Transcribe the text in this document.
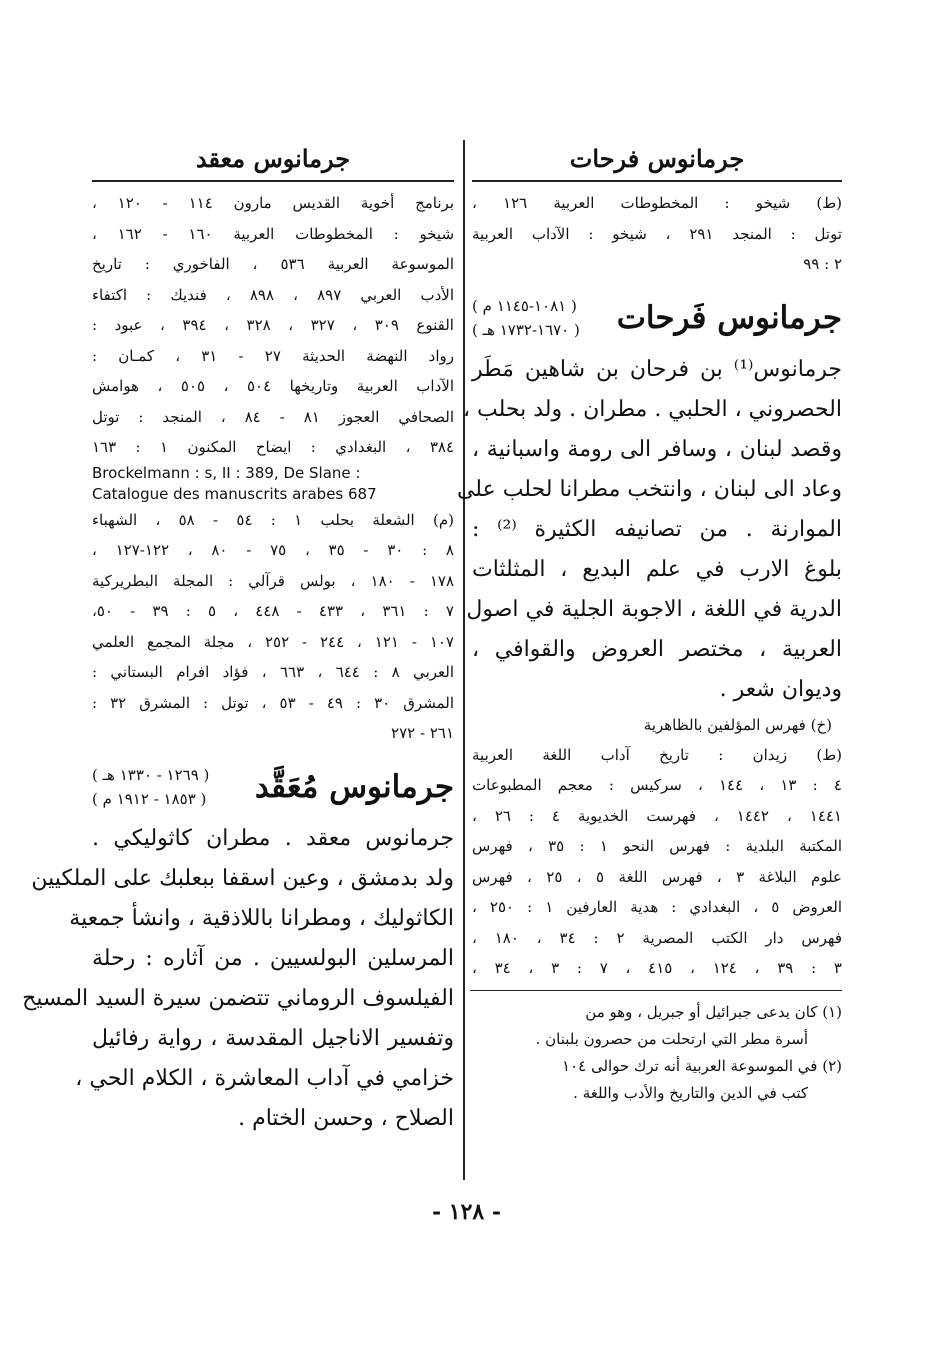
جرمانوس فرحات
(ط) شيخو : المخطوطات العربية ١٢٦ ،
توتل : المنجد ٢٩١ ، شيخو : الآداب العربية
٢ : ٩٩
جرمانوس فَرحات
( ١٠٨١-١١٤٥ م )
( ١٦٧٠-١٧٣٢ هـ )
جرمانوس⁽¹⁾ بن فرحان بن شاهين مَطَر
الحصروني ، الحلبي . مطران . ولد بحلب ،
وقصد لبنان ، وسافر الى رومة واسبانية ،
وعاد الى لبنان ، وانتخب مطرانا لحلب على
الموارنة . من تصانيفه الكثيرة ⁽²⁾ :
بلوغ الارب في علم البديع ، المثلثات
الدرية في اللغة ، الاجوبة الجلية في اصول
العربية ، مختصر العروض والقوافي ،
وديوان شعر .
(خ) فهرس المؤلفين بالظاهرية
(ط) زيدان : تاريخ آداب اللغة العربية
٤ : ١٣ ، ١٤٤ ، سركيس : معجم المطبوعات
١٤٤١ ، ١٤٤٢ ، فهرست الخديوية ٤ : ٢٦ ،
المكتبة البلدية : فهرس النحو ١ : ٣٥ ، فهرس
علوم البلاغة ٣ ، فهرس اللغة ٥ ، ٢٥ ، فهرس
العروض ٥ ، البغدادي : هدية العارفين ١ : ٢٥٠ ،
فهرس دار الكتب المصرية ٢ : ٣٤ ، ١٨٠ ،
٣ : ٣٩ ، ١٢٤ ، ٤١٥ ، ٧ : ٣ ، ٣٤ ،
(١) كان يدعى جبرائيل أو جبريل ، وهو من
أسرة مطر التي ارتحلت من حصرون بلبنان .
(٢) في الموسوعة العربية أنه ترك حوالى ١٠٤
كتب في الدين والتاريخ والأدب واللغة .
جرمانوس معقد
برنامج أخوية القديس مارون ١١٤ - ١٢٠ ،
شيخو : المخطوطات العربية ١٦٠ - ١٦٢ ،
الموسوعة العربية ٥٣٦ ، الفاخوري : تاريخ
الأدب العربي ٨٩٧ ، ٨٩٨ ، فنديك : اكتفاء
القنوع ٣٠٩ ، ٣٢٧ ، ٣٢٨ ، ٣٩٤ ، عبود :
رواد النهضة الحديثة ٢٧ - ٣١ ، كمـان :
الآداب العربية وتاريخها ٥٠٤ ، ٥٠٥ ، هوامش
الصحافي العجوز ٨١ - ٨٤ ، المنجد : توتل
٣٨٤ ، البغدادي : ايضاح المكنون ١ : ١٦٣
Brockelmann : s, II : 389, De Slane :
Catalogue des manuscrits arabes 687
(م) الشعلة بحلب ١ : ٥٤ - ٥٨ ، الشهباء
٨ : ٣٠ - ٣٥ ، ٧٥ - ٨٠ ، ١٢٢-١٢٧ ،
١٧٨ - ١٨٠ ، بولس قرآلي : المجلة البطريركية
٧ : ٣٦١ ، ٤٣٣ - ٤٤٨ ، ٥ : ٣٩ - ٥٠،
١٠٧ - ١٢١ ، ٢٤٤ - ٢٥٢ ، مجلة المجمع العلمي
العربي ٨ : ٦٤٤ ، ٦٦٣ ، فؤاد افرام البستاني :
المشرق ٣٠ : ٤٩ - ٥٣ ، توتل : المشرق ٣٢ :
٢٦١ - ٢٧٢
جرمانوس مُعَقَّد
( ١٢٦٩ - ١٣٣٠ هـ )
( ١٨٥٣ - ١٩١٢ م )
جرمانوس معقد . مطران كاثوليكي .
ولد بدمشق ، وعين اسقفا ببعلبك على الملكيين
الكاثوليك ، ومطرانا باللاذقية ، وانشأ جمعية
المرسلين البولسيين . من آثاره : رحلة
الفيلسوف الروماني تتضمن سيرة السيد المسيح
وتفسير الاناجيل المقدسة ، رواية رفائيل
خزامي في آداب المعاشرة ، الكلام الحي ،
الصلاح ، وحسن الختام .
- ١٢٨ -
